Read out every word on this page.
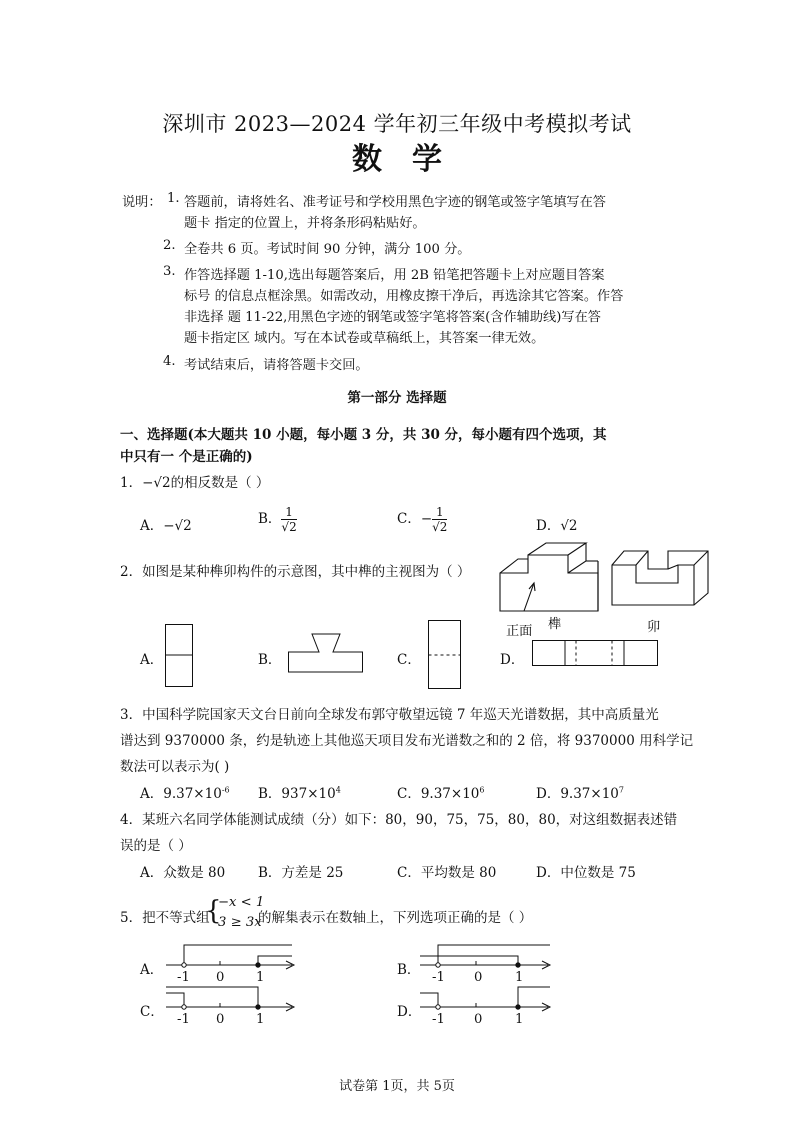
深圳市 2023—2024 学年初三年级中考模拟考试
数学
说明： 1. 答题前，请将姓名、准考证号和学校用黑色字迹的钢笔或签字笔填写在答
题卡 指定的位置上，并将条形码粘贴好。
2. 全卷共 6 页。考试时间 90 分钟，满分 100 分。
3. 作答选择题 1-10,选出每题答案后，用 2B 铅笔把答题卡上对应题目答案
标号 的信息点框涂黑。如需改动，用橡皮擦干净后，再选涂其它答案。作答
非选择 题 11-22,用黑色字迹的钢笔或签字笔将答案(含作辅助线)写在答
题卡指定区 域内。写在本试卷或草稿纸上，其答案一律无效。
4. 考试结束后，请将答题卡交回。
第一部分 选择题
一、选择题(本大题共 10 小题，每小题 3 分，共 30 分，每小题有四个选项，其
中只有一 个是正确的)
1．−√2的相反数是（ ）
A．−√2	B． $\frac{1}{√2}$	C．− $\frac{1}{√2}$	D．√2
2．如图是某种榫卯构件的示意图，其中榫的主视图为（ ）
正面 榫	卯
A．	B．	C．	D．
3．中国科学院国家天文台日前向全球发布郭守敬望远镜 7 年巡天光谱数据，其中高质量光
谱达到 9370000 条，约是轨迹上其他巡天项目发布光谱数之和的 2 倍，将 9370000 用科学记
数法可以表示为( )
A．$9.37\times 10^{-6}$ B．$937\times 10^4$	C．$9.37\times 10^6$	D．$9.37\times 10^7$
4．某班六名同学体能测试成绩（分）如下：80，90，75，75，80，80，对这组数据表述错
误的是（ ）
A．众数是 80 B．方差是 25	C．平均数是 80	D．中位数是 75
5．把不等式组
{
−x < 1
3 ≥ 3x
的解集表示在数轴上，下列选项正确的是（ ）
A． -1 0 1	B． -1 0 1
C． -1 0 1	D． -1 0 1
试卷第 1页，共 5页
